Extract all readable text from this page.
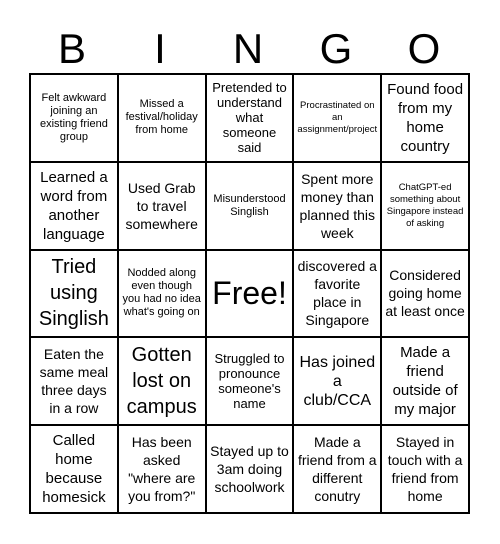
B	I	N	G	O
Felt awkward joining an existing friend group
Missed a festival/holiday from home
Pretended to understand what someone said
Procrastinated on an assignment/project
Found food from my home country
Learned a word from another language
Used Grab to travel somewhere
Misunderstood Singlish
Spent more money than planned this week
ChatGPT-ed something about Singapore instead of asking
Tried using Singlish
Nodded along even though you had no idea what's going on
Free!
discovered a favorite place in Singapore
Considered going home at least once
Eaten the same meal three days in a row
Gotten lost on campus
Struggled to pronounce someone's name
Has joined a club/CCA
Made a friend outside of my major
Called home because homesick
Has been asked "where are you from?"
Stayed up to 3am doing schoolwork
Made a friend from a different conutry
Stayed in touch with a friend from home
